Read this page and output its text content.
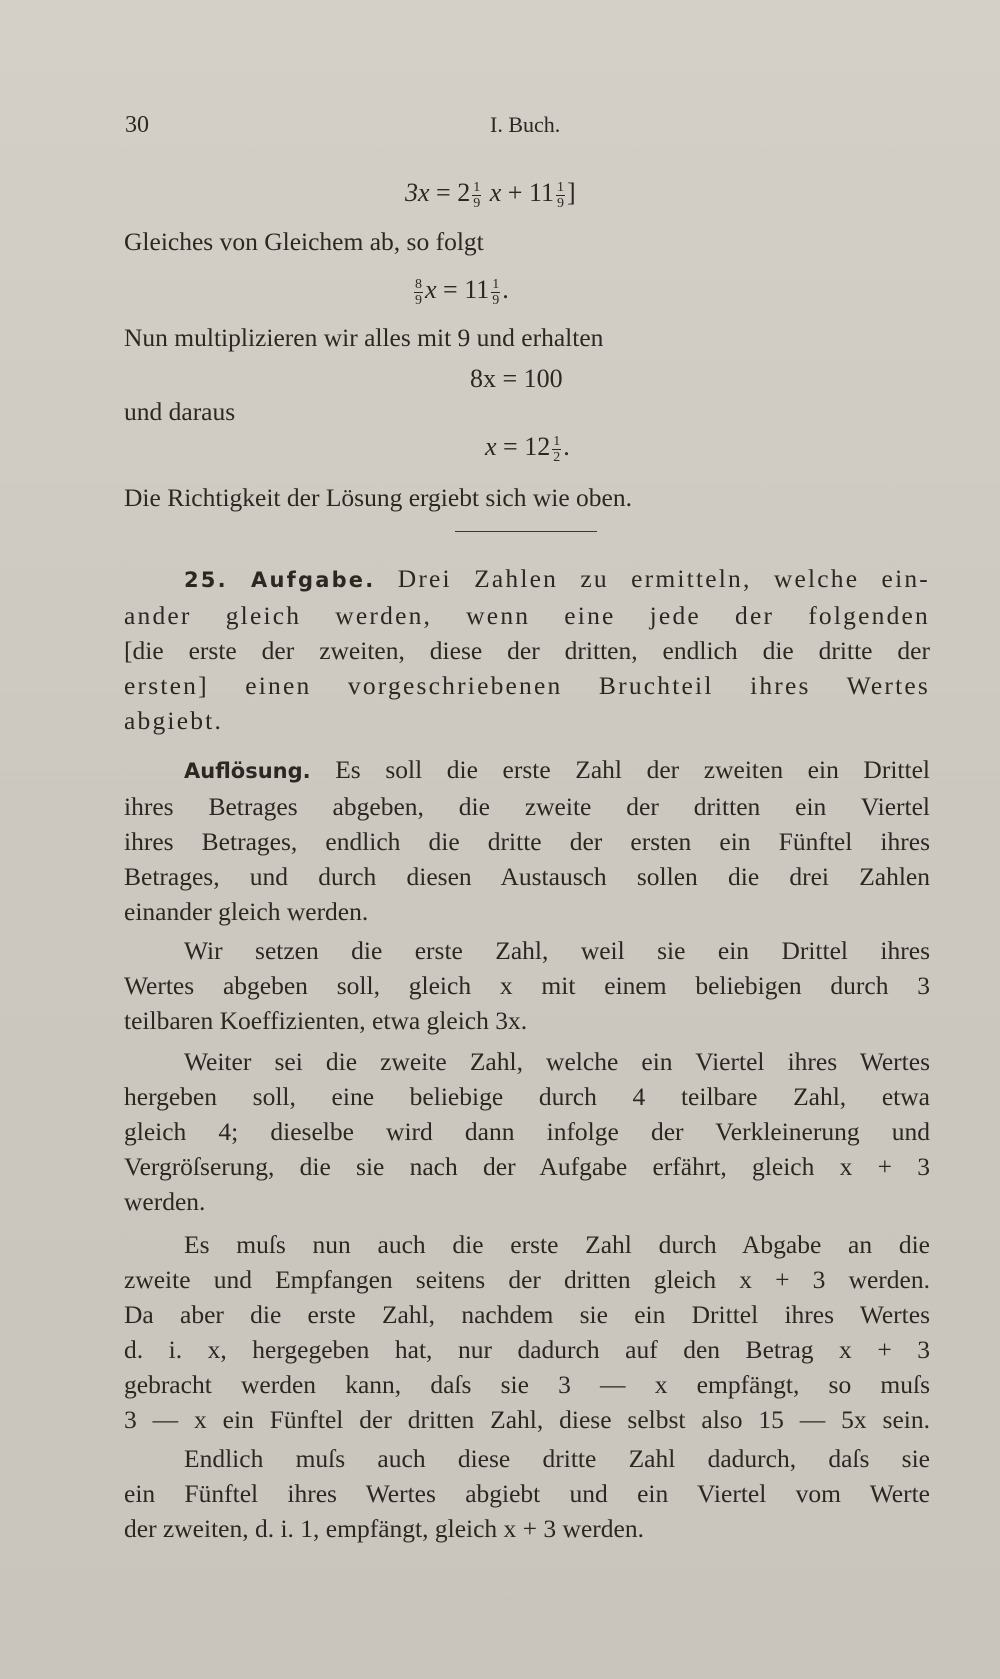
30	I. Buch.
$3x = 2 \frac{1}{9}$ $x + 11 \frac{1}{9}$ ]
Gleiches von Gleichem ab, so folgt
$\frac{8}{9}$ $x = 11 \frac{1}{9}$ .
Nun multiplizieren wir alles mit 9 und erhalten
8x = 100
und daraus
$x = 12 \frac{1}{2}$ .
Die Richtigkeit der Lösung ergiebt sich wie oben.
25. Aufgabe. Drei Zahlen zu ermitteln, welche ein-
ander gleich werden, wenn eine jede der folgenden
[die erste der zweiten, diese der dritten, endlich die dritte der
ersten] einen vorgeschriebenen Bruchteil ihres Wertes
abgiebt.
Auflösung. Es soll die erste Zahl der zweiten ein Drittel
ihres Betrages abgeben, die zweite der dritten ein Viertel
ihres Betrages, endlich die dritte der ersten ein Fünftel ihres
Betrages, und durch diesen Austausch sollen die drei Zahlen
einander gleich werden.
Wir setzen die erste Zahl, weil sie ein Drittel ihres
Wertes abgeben soll, gleich x mit einem beliebigen durch 3
teilbaren Koeffizienten, etwa gleich 3x.
Weiter sei die zweite Zahl, welche ein Viertel ihres Wertes
hergeben soll, eine beliebige durch 4 teilbare Zahl, etwa
gleich 4; dieselbe wird dann infolge der Verkleinerung und
Vergröſserung, die sie nach der Aufgabe erfährt, gleich x + 3
werden.
Es muſs nun auch die erste Zahl durch Abgabe an die
zweite und Empfangen seitens der dritten gleich x + 3 werden.
Da aber die erste Zahl, nachdem sie ein Drittel ihres Wertes
d. i. x, hergegeben hat, nur dadurch auf den Betrag x + 3
gebracht werden kann, daſs sie 3 — x empfängt, so muſs
3 — x ein Fünftel der dritten Zahl, diese selbst also 15 — 5x sein.
Endlich muſs auch diese dritte Zahl dadurch, daſs sie
ein Fünftel ihres Wertes abgiebt und ein Viertel vom Werte
der zweiten, d. i. 1, empfängt, gleich x + 3 werden.
